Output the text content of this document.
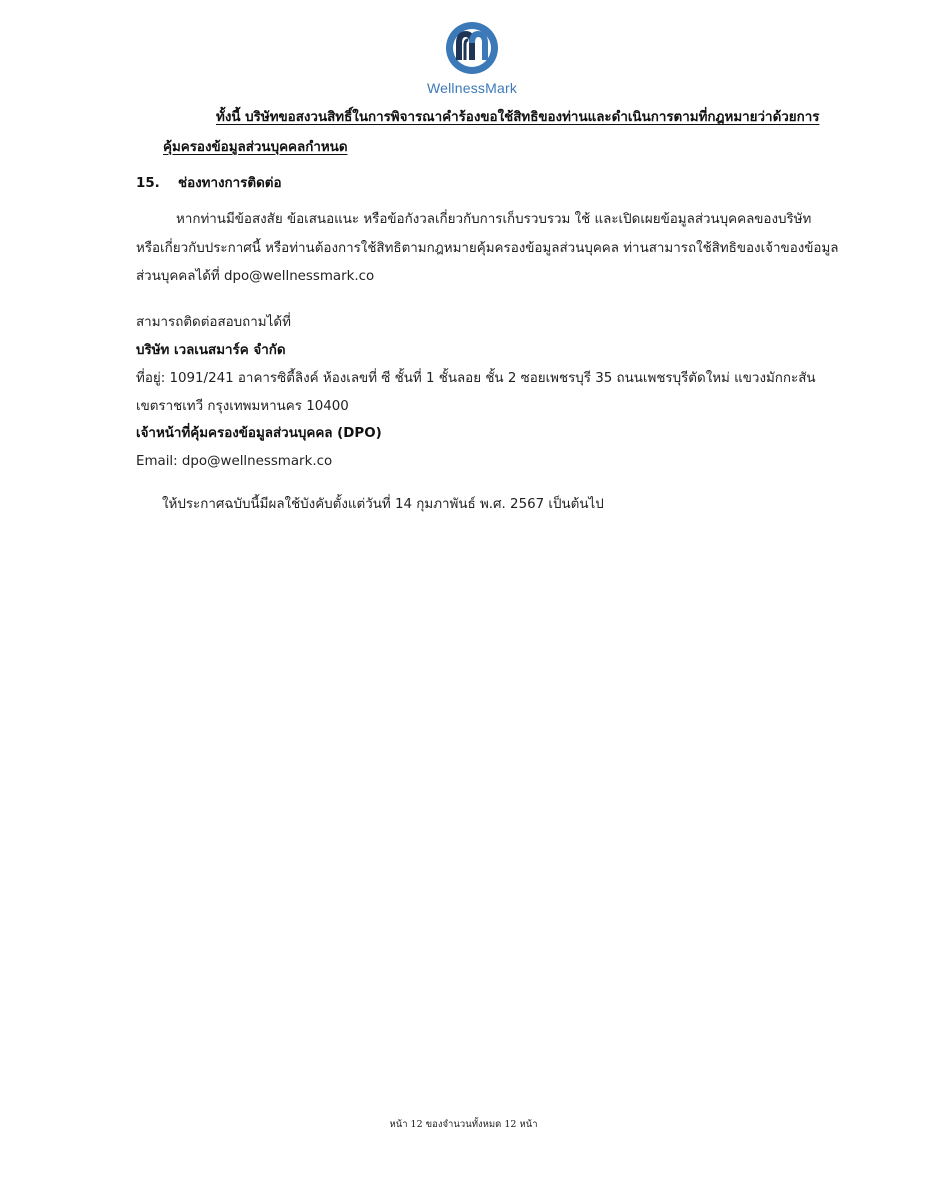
WellnessMark
ทั้งนี้ บริษัทขอสงวนสิทธิ์ในการพิจารณาคำร้องขอใช้สิทธิของท่านและดำเนินการตามที่กฎหมายว่าด้วยการ
คุ้มครองข้อมูลส่วนบุคคลกำหนด
15. ช่องทางการติดต่อ
หากท่านมีข้อสงสัย ข้อเสนอแนะ หรือข้อกังวลเกี่ยวกับการเก็บรวบรวม ใช้ และเปิดเผยข้อมูลส่วนบุคคลของบริษัท
หรือเกี่ยวกับประกาศนี้ หรือท่านต้องการใช้สิทธิตามกฎหมายคุ้มครองข้อมูลส่วนบุคคล ท่านสามารถใช้สิทธิของเจ้าของข้อมูล
ส่วนบุคคลได้ที่ dpo@wellnessmark.co
สามารถติดต่อสอบถามได้ที่
บริษัท เวลเนสมาร์ค จำกัด
ที่อยู่: 1091/241 อาคารซิตี้ลิงค์ ห้องเลขที่ ซี ชั้นที่ 1 ชั้นลอย ชั้น 2 ซอยเพชรบุรี 35 ถนนเพชรบุรีตัดใหม่ แขวงมักกะสัน
เขตราชเทวี กรุงเทพมหานคร 10400
เจ้าหน้าที่คุ้มครองข้อมูลส่วนบุคคล (DPO)
Email: dpo@wellnessmark.co
ให้ประกาศฉบับนี้มีผลใช้บังคับตั้งแต่วันที่ 14 กุมภาพันธ์ พ.ศ. 2567 เป็นต้นไป
หน้า 12 ของจำนวนทั้งหมด 12 หน้า
